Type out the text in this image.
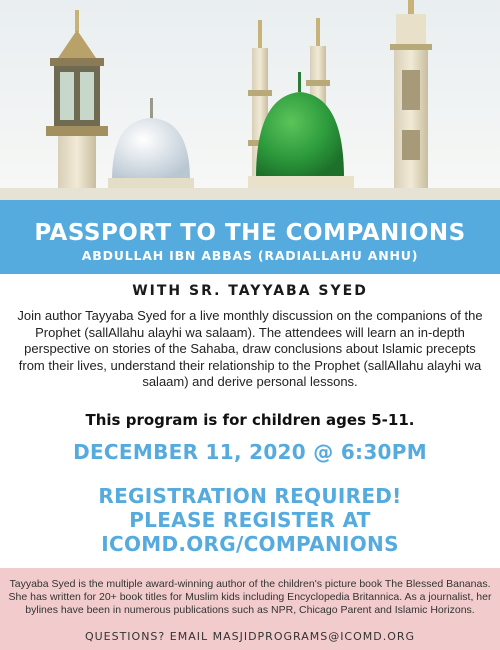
PASSPORT TO THE COMPANIONS
ABDULLAH IBN ABBAS (RADIALLAHU ANHU)
WITH SR. TAYYABA SYED

Join author Tayyaba Syed for a live monthly discussion on the companions of the Prophet (sallAllahu alayhi wa salaam). The attendees will learn an in-depth perspective on stories of the Sahaba, draw conclusions about Islamic precepts from their lives, understand their relationship to the Prophet (sallAllahu alayhi wa salaam) and derive personal lessons.

This program is for children ages 5-11.
DECEMBER 11, 2020 @ 6:30PM
REGISTRATION REQUIRED!
PLEASE REGISTER AT
ICOMD.ORG/COMPANIONS

Tayyaba Syed is the multiple award-winning author of the children's picture book The Blessed Bananas. She has written for 20+ book titles for Muslim kids including Encyclopedia Britannica. As a journalist, her bylines have been in numerous publications such as NPR, Chicago Parent and Islamic Horizons.

QUESTIONS? EMAIL MASJIDPROGRAMS@ICOMD.ORG
